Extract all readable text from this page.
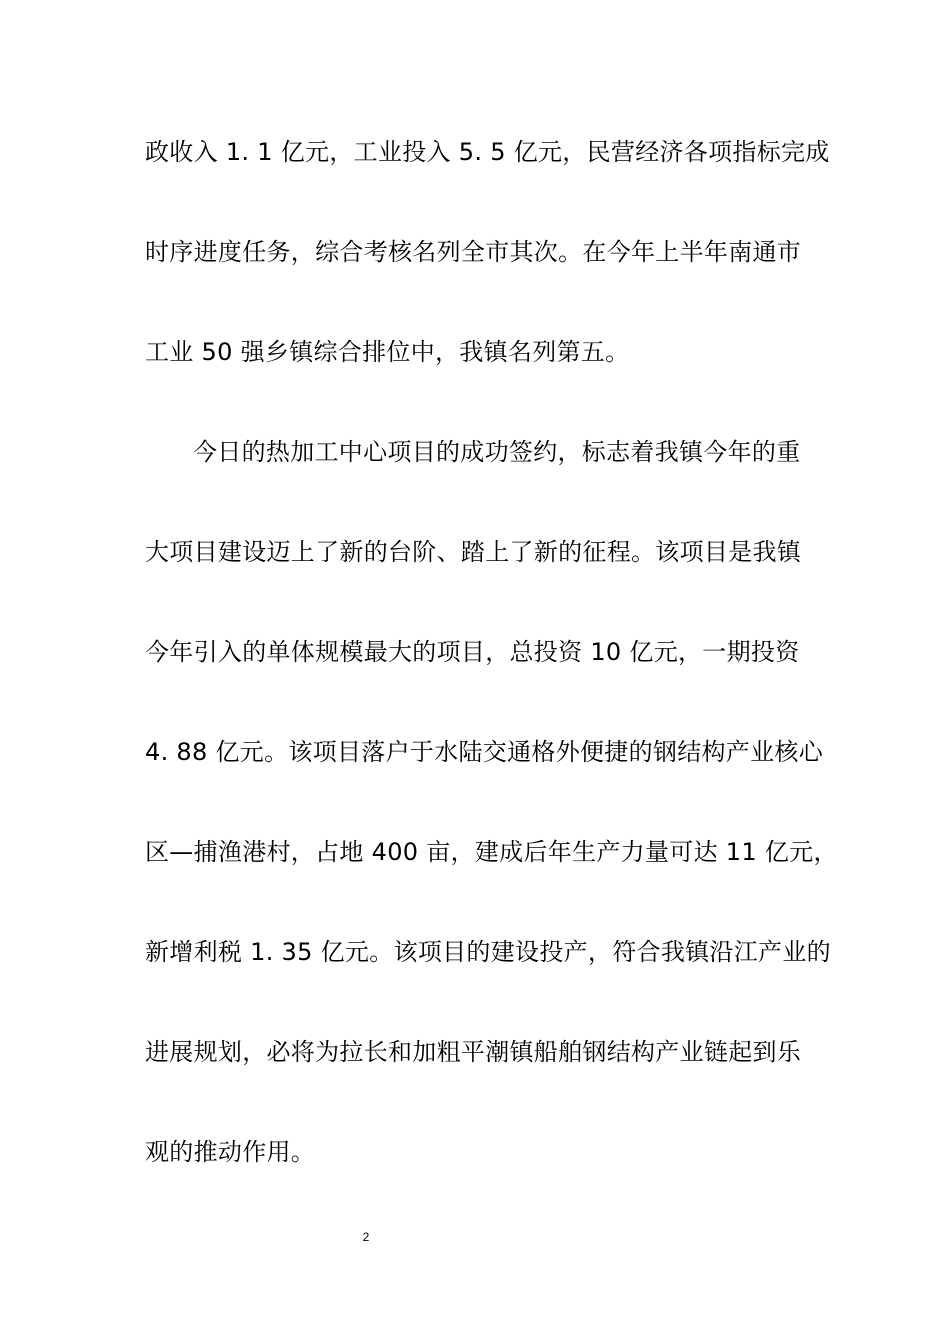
政收入 1. 1 亿元，工业投入 5. 5 亿元，民营经济各项指标完成
时序进度任务，综合考核名列全市其次。在今年上半年南通市
工业 50 强乡镇综合排位中，我镇名列第五。
今日的热加工中心项目的成功签约，标志着我镇今年的重
大项目建设迈上了新的台阶、踏上了新的征程。该项目是我镇
今年引入的单体规模最大的项目，总投资 10 亿元，一期投资
4. 88 亿元。该项目落户于水陆交通格外便捷的钢结构产业核心
区—捕渔港村，占地 400 亩，建成后年生产力量可达 11 亿元，
新增利税 1. 35 亿元。该项目的建设投产，符合我镇沿江产业的
进展规划，必将为拉长和加粗平潮镇船舶钢结构产业链起到乐
观的推动作用。
2
